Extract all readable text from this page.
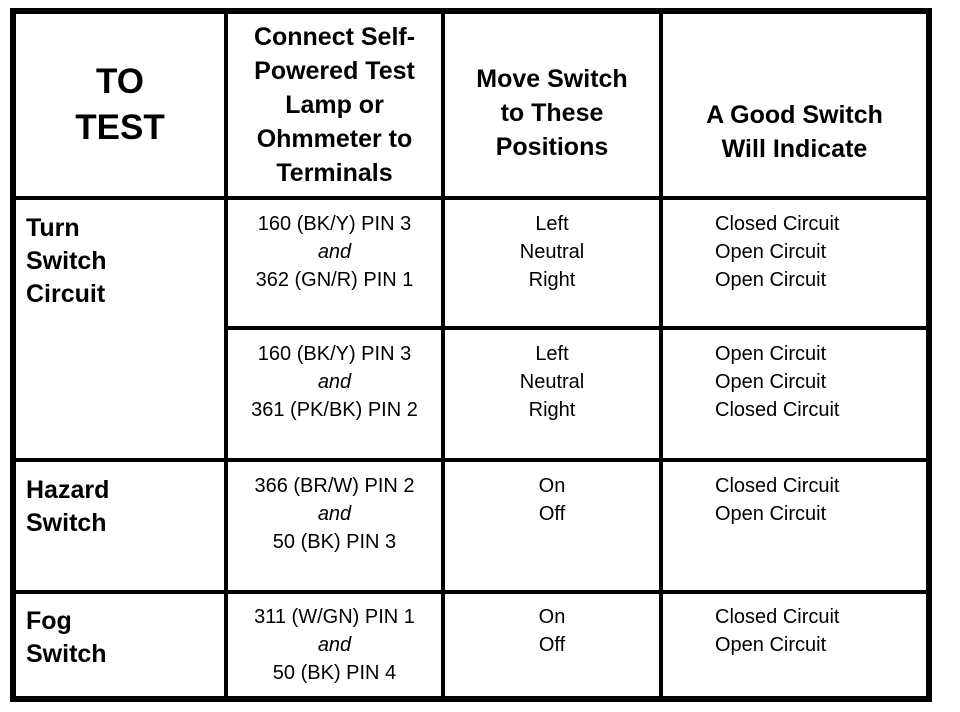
TO
TEST
Connect Self-
Powered Test
Lamp or
Ohmmeter to
Terminals
Move Switch
to These
Positions
A Good Switch
Will Indicate
Turn
Switch
Circuit
160 (BK/Y) PIN 3
and
362 (GN/R) PIN 1
Left
Neutral
Right
Closed Circuit
Open Circuit
Open Circuit
160 (BK/Y) PIN 3
and
361 (PK/BK) PIN 2
Left
Neutral
Right
Open Circuit
Open Circuit
Closed Circuit
Hazard
Switch
366 (BR/W) PIN 2
and
50 (BK) PIN 3
On
Off
Closed Circuit
Open Circuit
Fog
Switch
311 (W/GN) PIN 1
and
50 (BK) PIN 4
On
Off
Closed Circuit
Open Circuit
